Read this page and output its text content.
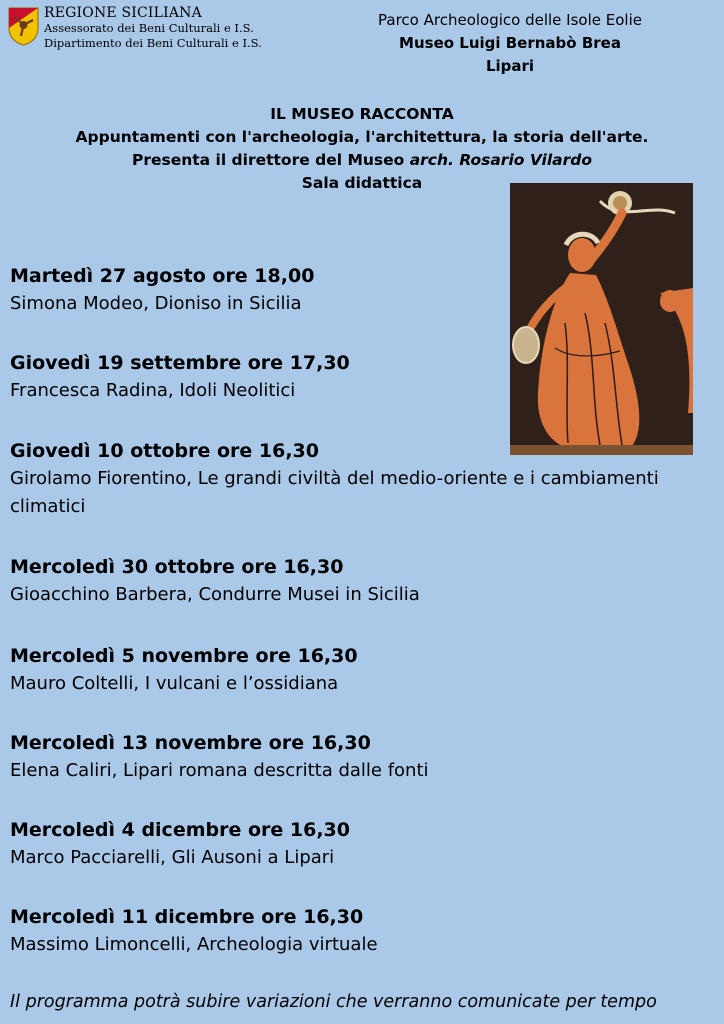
REGIONE SICILIANA
Assessorato dei Beni Culturali e I.S.
Dipartimento dei Beni Culturali e I.S.
Parco Archeologico delle Isole Eolie
Museo Luigi Bernabò Brea
Lipari
IL MUSEO RACCONTA
Appuntamenti con l'archeologia, l'architettura, la storia dell'arte.
Presenta il direttore del Museo arch. Rosario Vilardo
Sala didattica
Martedì 27 agosto ore 18,00
Simona Modeo, Dioniso in Sicilia
Giovedì 19 settembre ore 17,30
Francesca Radina, Idoli Neolitici
Giovedì 10 ottobre ore 16,30
Girolamo Fiorentino, Le grandi civiltà del medio-oriente e i cambiamenti climatici
Mercoledì 30 ottobre ore 16,30
Gioacchino Barbera, Condurre Musei in Sicilia
Mercoledì 5 novembre ore 16,30
Mauro Coltelli, I vulcani e l’ossidiana
Mercoledì 13 novembre ore 16,30
Elena Caliri, Lipari romana descritta dalle fonti
Mercoledì 4 dicembre ore 16,30
Marco Pacciarelli, Gli Ausoni a Lipari
Mercoledì 11 dicembre ore 16,30
Massimo Limoncelli, Archeologia virtuale
Il programma potrà subire variazioni che verranno comunicate per tempo
